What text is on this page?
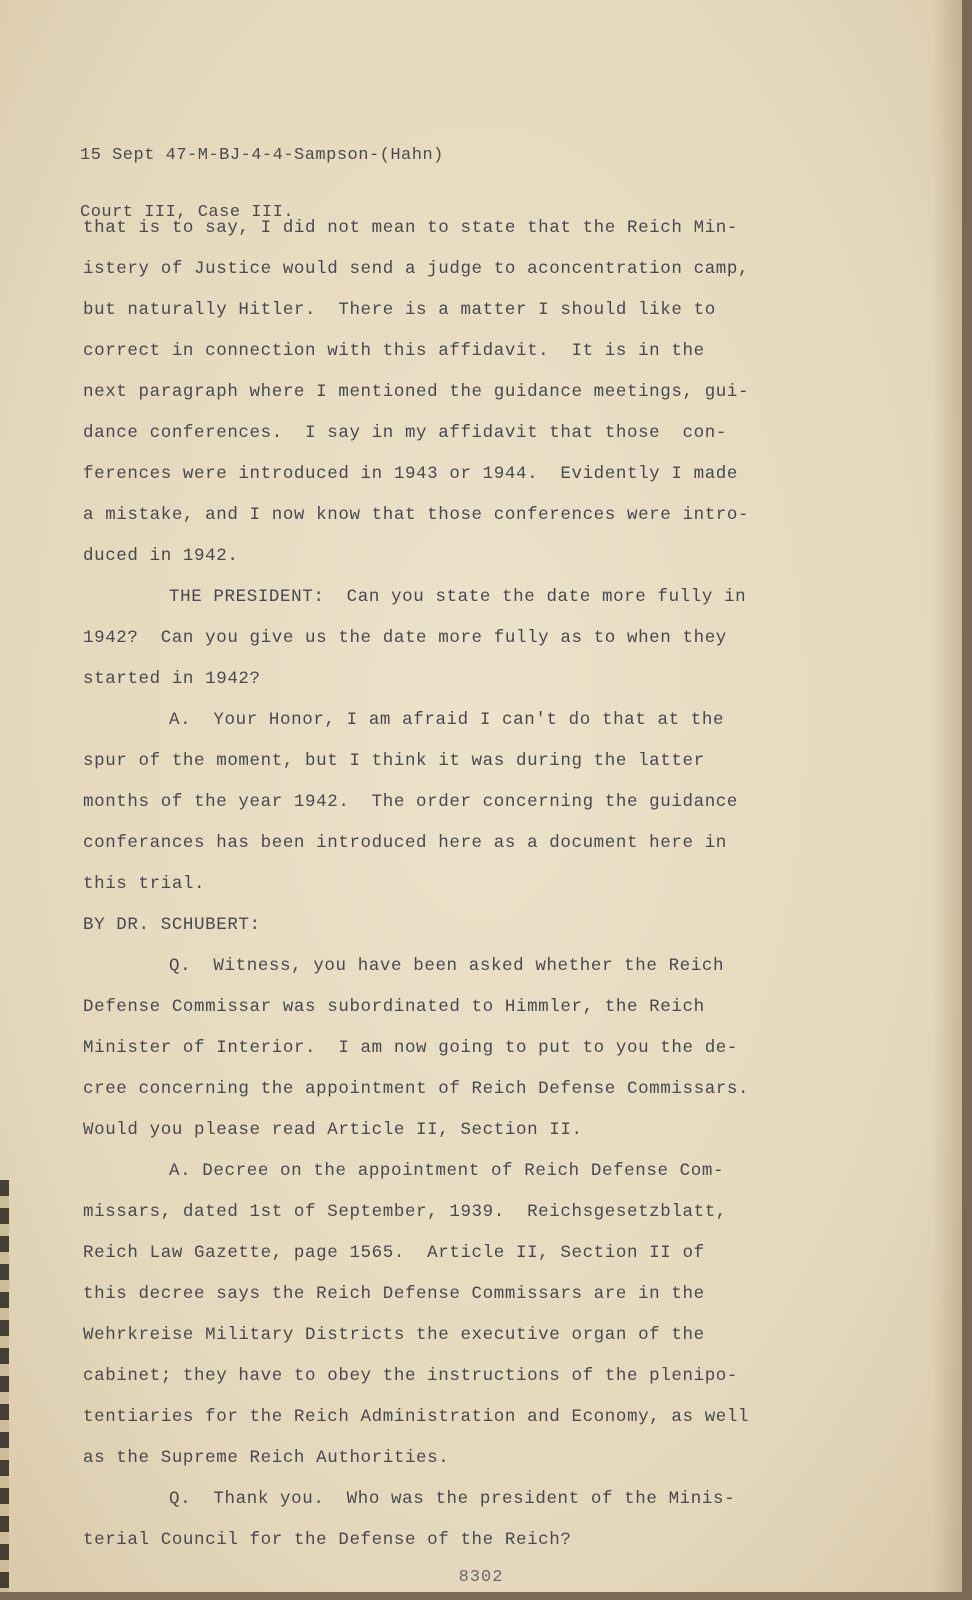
15 Sept 47-M-BJ-4-4-Sampson-(Hahn)

Court III, Case III.

that is to say, I did not mean to state that the Reich Min-
istery of Justice would send a judge to aconcentration camp,
but naturally Hitler.  There is a matter I should like to
correct in connection with this affidavit.  It is in the
next paragraph where I mentioned the guidance meetings, gui-
dance conferences.  I say in my affidavit that those  con-
ferences were introduced in 1943 or 1944.  Evidently I made
a mistake, and I now know that those conferences were intro-
duced in 1942.
THE PRESIDENT:  Can you state the date more fully in
1942?  Can you give us the date more fully as to when they
started in 1942?
A.  Your Honor, I am afraid I can't do that at the
spur of the moment, but I think it was during the latter
months of the year 1942.  The order concerning the guidance
conferances has been introduced here as a document here in
this trial.
BY DR. SCHUBERT:
Q.  Witness, you have been asked whether the Reich
Defense Commissar was subordinated to Himmler, the Reich
Minister of Interior.  I am now going to put to you the de-
cree concerning the appointment of Reich Defense Commissars.
Would you please read Article II, Section II.
A. Decree on the appointment of Reich Defense Com-
missars, dated 1st of September, 1939.  Reichsgesetzblatt,
Reich Law Gazette, page 1565.  Article II, Section II of
this decree says the Reich Defense Commissars are in the
Wehrkreise Military Districts the executive organ of the
cabinet; they have to obey the instructions of the plenipo-
tentiaries for the Reich Administration and Economy, as well
as the Supreme Reich Authorities.
Q.  Thank you.  Who was the president of the Minis-
terial Council for the Defense of the Reich?
8302
